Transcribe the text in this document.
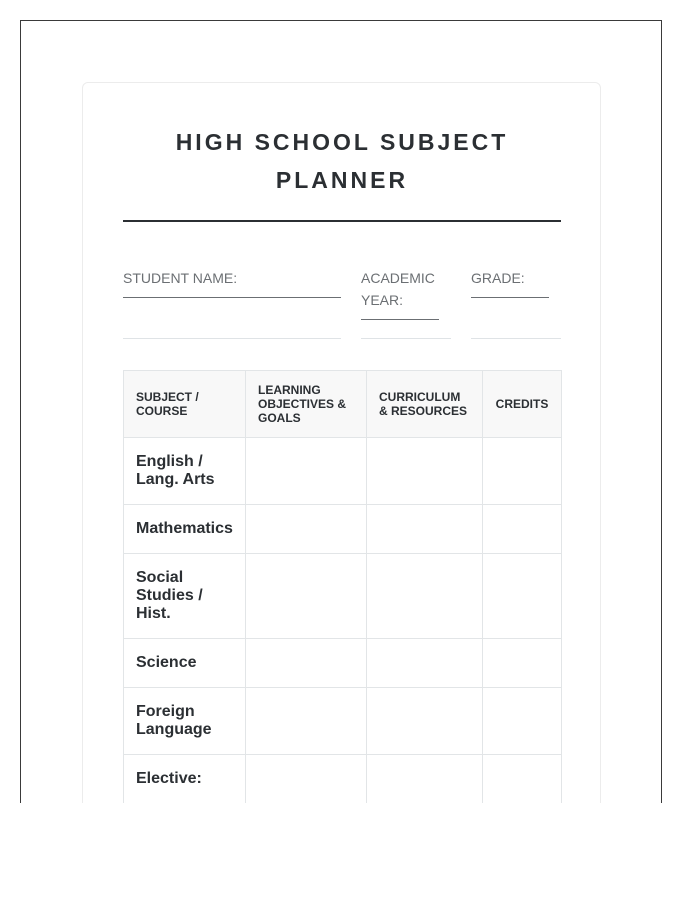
HIGH SCHOOL SUBJECT
PLANNER
STUDENT NAME:	ACADEMIC
YEAR:
GRADE:
SUBJECT / COURSE	LEARNING OBJECTIVES & GOALS	CURRICULUM & RESOURCES	CREDITS
English / Lang. Arts			
Mathematics			
Social Studies / Hist.			
Science			
Foreign Language			
Elective:			
